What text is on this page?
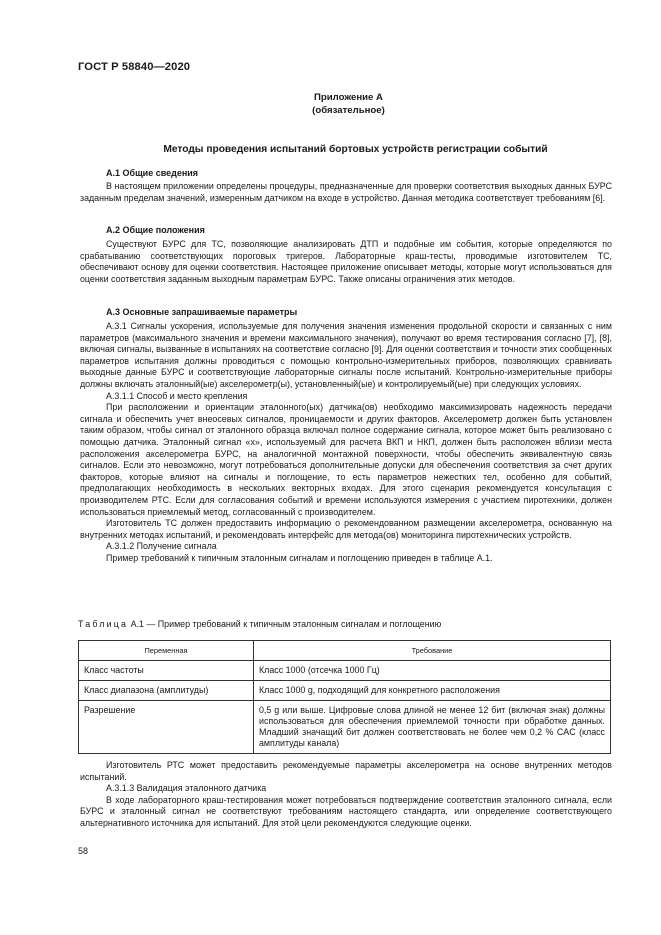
ГОСТ Р 58840—2020
Приложение А
(обязательное)
Методы проведения испытаний бортовых устройств регистрации событий
А.1 Общие сведения

В настоящем приложении определены процедуры, предназначенные для проверки соответствия выходных данных БУРС заданным пределам значений, измеренным датчиком на входе в устройство. Данная методика соответствует требованиям [6].

А.2 Общие положения

Существуют БУРС для ТС, позволяющие анализировать ДТП и подобные им события, которые определяются по срабатыванию соответствующих пороговых тригеров. Лабораторные краш-тесты, проводимые изготовителем ТС, обеспечивают основу для оценки соответствия. Настоящее приложение описывает методы, которые могут использоваться для оценки соответствия заданным выходным параметрам БУРС. Также описаны ограничения этих методов.

А.3 Основные запрашиваемые параметры

А.3.1 Сигналы ускорения, используемые для получения значения изменения продольной скорости и связанных с ним параметров (максимального значения и времени максимального значения), получают во время тестирования согласно [7], [8], включая сигналы, вызванные в испытаниях на соответствие согласно [9]. Для оценки соответствия и точности этих сообщенных параметров испытания должны проводиться с помощью контрольно-измерительных приборов, позволяющих сравнивать выходные данные БУРС и соответствующие лабораторные сигналы после испытаний. Контрольно-измерительные приборы должны включать эталонный(ые) акселерометр(ы), установленный(ые) и контролируемый(ые) при следующих условиях.

А.3.1.1 Способ и место крепления

При расположении и ориентации эталонного(ых) датчика(ов) необходимо максимизировать надежность передачи сигнала и обеспечить учет внеосевых сигналов, проницаемости и других факторов. Акселерометр должен быть установлен таким образом, чтобы сигнал от эталонного образца включал полное содержание сигнала, которое может быть реализовано с помощью датчика. Эталонный сигнал «x», используемый для расчета ВКП и НКП, должен быть расположен вблизи места расположения акселерометра БУРС, на аналогичной монтажной поверхности, чтобы обеспечить эквивалентную связь сигналов. Если это невозможно, могут потребоваться дополнительные допуски для обеспечения соответствия за счет других факторов, которые влияют на сигналы и поглощение, то есть параметров нежестких тел, особенно для событий, предполагающих необходимость в нескольких векторных входах. Для этого сценария рекомендуется консультация с производителем РТС. Если для согласования событий и времени используются измерения с участием пиротехники, должен использоваться приемлемый метод, согласованный с производителем.

Изготовитель ТС должен предоставить информацию о рекомендованном размещении акселерометра, основанную на внутренних методах испытаний, и рекомендовать интерфейс для метода(ов) мониторинга пиротехнических устройств.

А.3.1.2 Получение сигнала

Пример требований к типичным эталонным сигналам и поглощению приведен в таблице А.1.

Таблица А.1 — Пример требований к типичным эталонным сигналам и поглощению
Переменная	Требование
Класс частоты	Класс 1000 (отсечка 1000 Гц)
Класс диапазона (амплитуды)	Класс 1000 g, подходящий для конкретного расположения
Разрешение	0,5 g или выше. Цифровые слова длиной не менее 12 бит (включая знак) должны использоваться для обеспечения приемлемой точности при обработке данных. Младший значащий бит должен соответствовать не более чем 0,2 % CAC (класс амплитуды канала)

Изготовитель РТС может предоставить рекомендуемые параметры акселерометра на основе внутренних методов испытаний.

А.3.1.3 Валидация эталонного датчика

В ходе лабораторного краш-тестирования может потребоваться подтверждение соответствия эталонного сигнала, если БУРС и эталонный сигнал не соответствуют требованиям настоящего стандарта, или определение соответствующего альтернативного источника для испытаний. Для этой цели рекомендуются следующие оценки.

58
